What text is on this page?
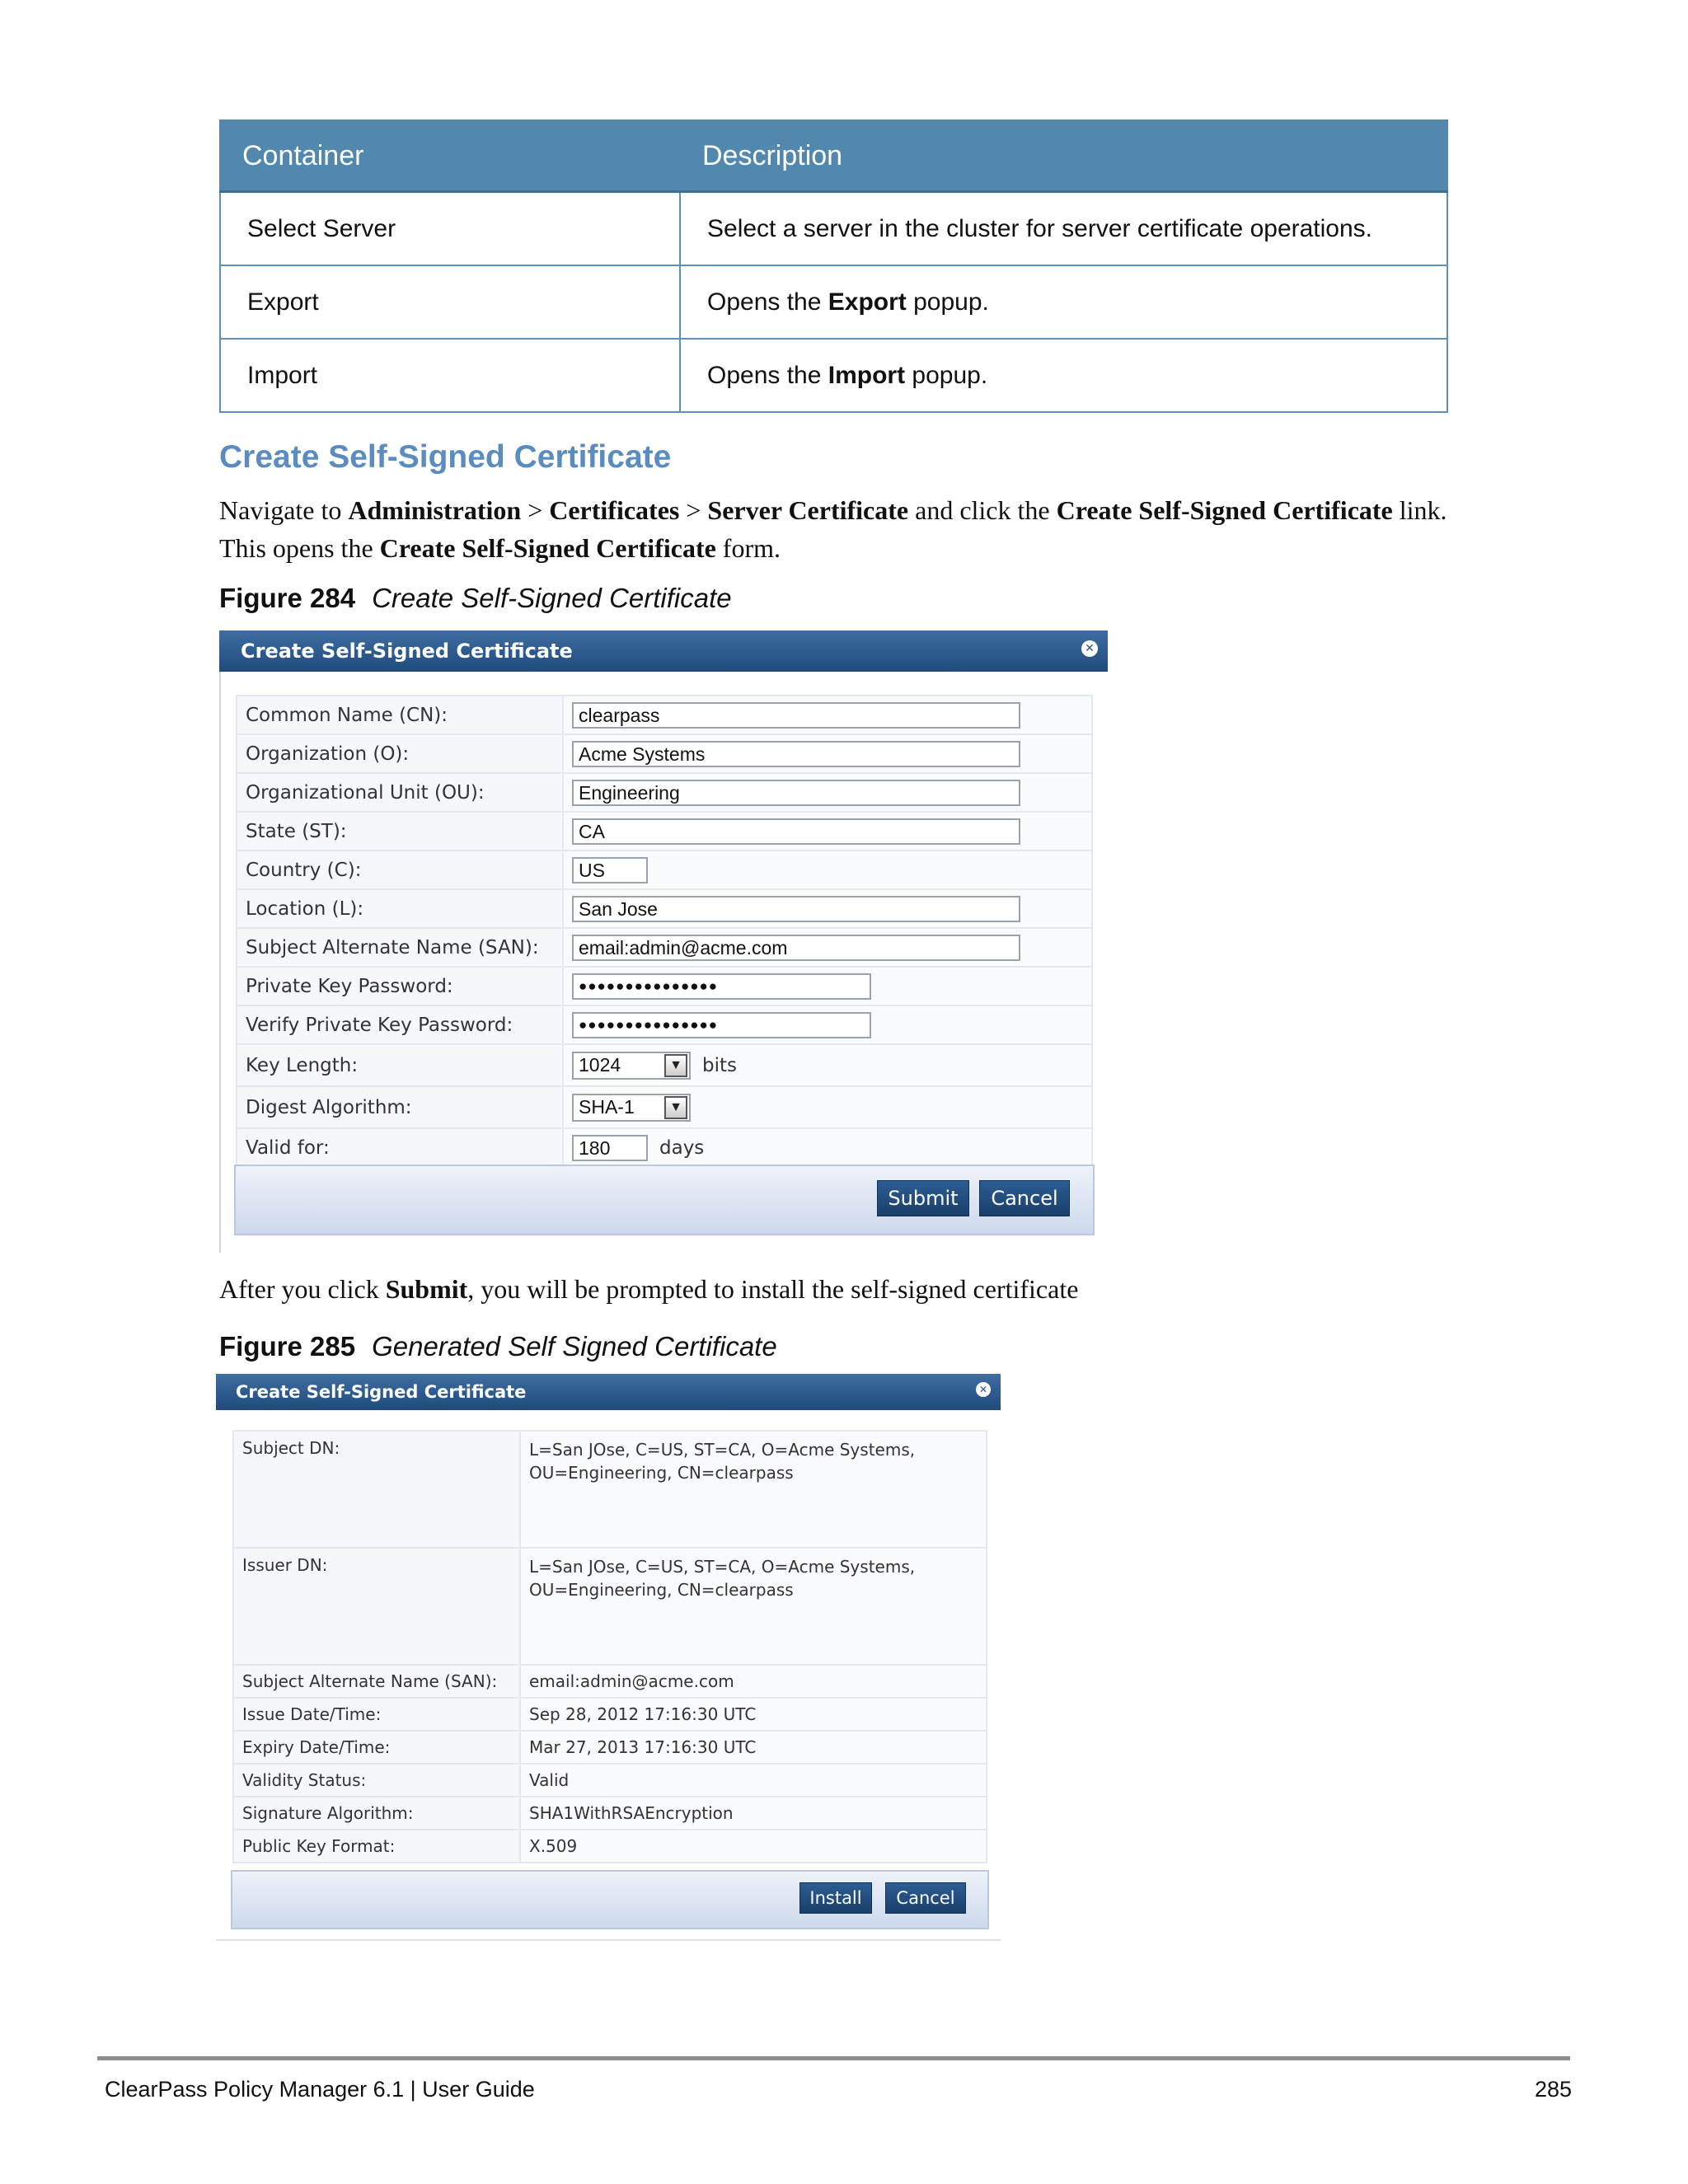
Container	Description
Select Server	Select a server in the cluster for server certificate operations.
Export	Opens the Export popup.
Import	Opens the Import popup.
Create Self-Signed Certificate
Navigate to Administration > Certificates > Server Certificate and click the Create Self-Signed Certificate link.
This opens the Create Self-Signed Certificate form.
Figure 284 Create Self-Signed Certificate
Create Self-Signed Certificate	✕
Common Name (CN):	clearpass
Organization (O):	Acme Systems
Organizational Unit (OU):	Engineering
State (ST):	CA
Country (C):	US
Location (L):	San Jose
Subject Alternate Name (SAN):	email:admin@acme.com
Private Key Password:	●●●●●●●●●●●●●●●
Verify Private Key Password:	●●●●●●●●●●●●●●●
Key Length:	1024 ▼ bits
Digest Algorithm:	SHA-1 ▼

Valid for:	180 days
Submit	Cancel
After you click Submit, you will be prompted to install the self-signed certificate
Figure 285 Generated Self Signed Certificate
Create Self-Signed Certificate	✕
Subject DN:	L=San JOse, C=US, ST=CA, O=Acme Systems,
OU=Engineering, CN=clearpass

Issuer DN:	L=San JOse, C=US, ST=CA, O=Acme Systems,
OU=Engineering, CN=clearpass

Subject Alternate Name (SAN):	email:admin@acme.com
Issue Date/Time:	Sep 28, 2012 17:16:30 UTC
Expiry Date/Time:	Mar 27, 2013 17:16:30 UTC
Validity Status:	Valid
Signature Algorithm:	SHA1WithRSAEncryption
Public Key Format:	X.509
Install	Cancel
ClearPass Policy Manager 6.1 | User Guide	285
